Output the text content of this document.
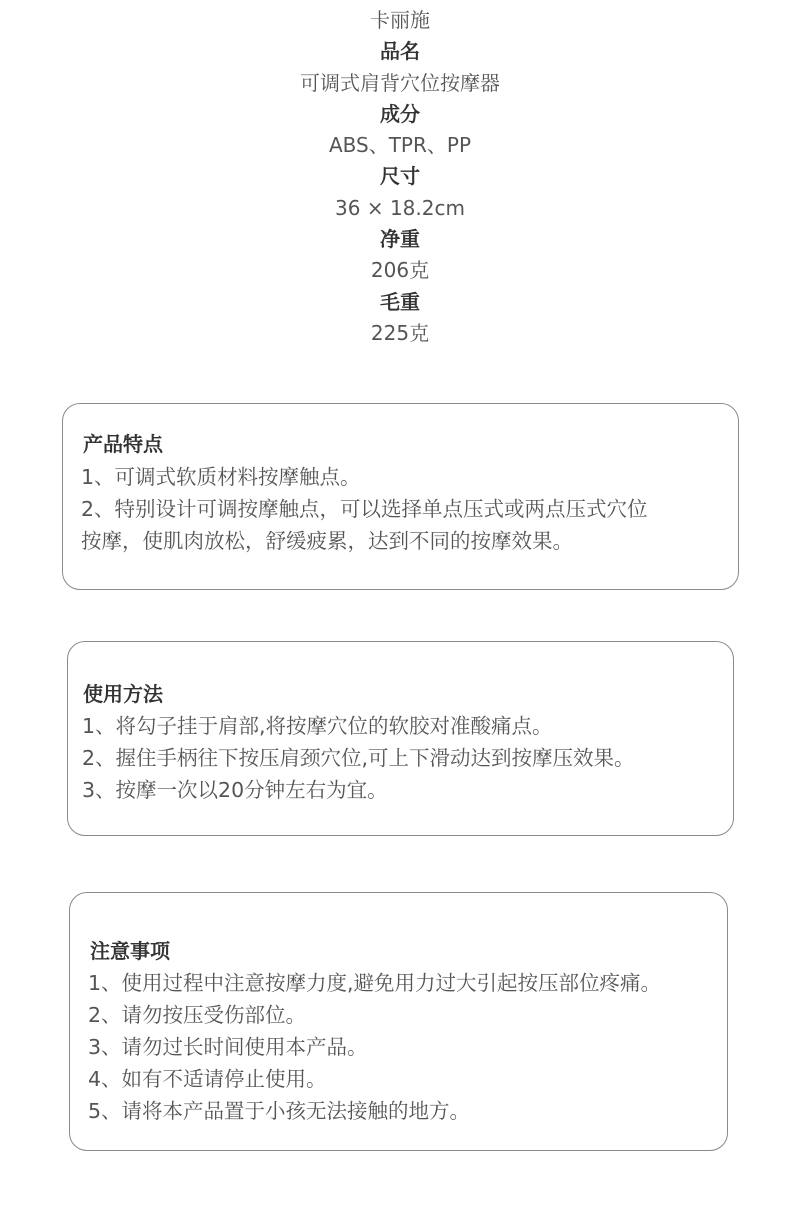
卡丽施
品名
可调式肩背穴位按摩器
成分
ABS、TPR、PP
尺寸
36 × 18.2cm
净重
206克
毛重
225克
产品特点
1、可调式软质材料按摩触点。
2、特别设计可调按摩触点，可以选择单点压式或两点压式穴位
按摩，使肌肉放松，舒缓疲累，达到不同的按摩效果。
使用方法
1、将勾子挂于肩部,将按摩穴位的软胶对准酸痛点。
2、握住手柄往下按压肩颈穴位,可上下滑动达到按摩压效果。
3、按摩一次以20分钟左右为宜。
注意事项
1、使用过程中注意按摩力度,避免用力过大引起按压部位疼痛。
2、请勿按压受伤部位。
3、请勿过长时间使用本产品。
4、如有不适请停止使用。
5、请将本产品置于小孩无法接触的地方。
